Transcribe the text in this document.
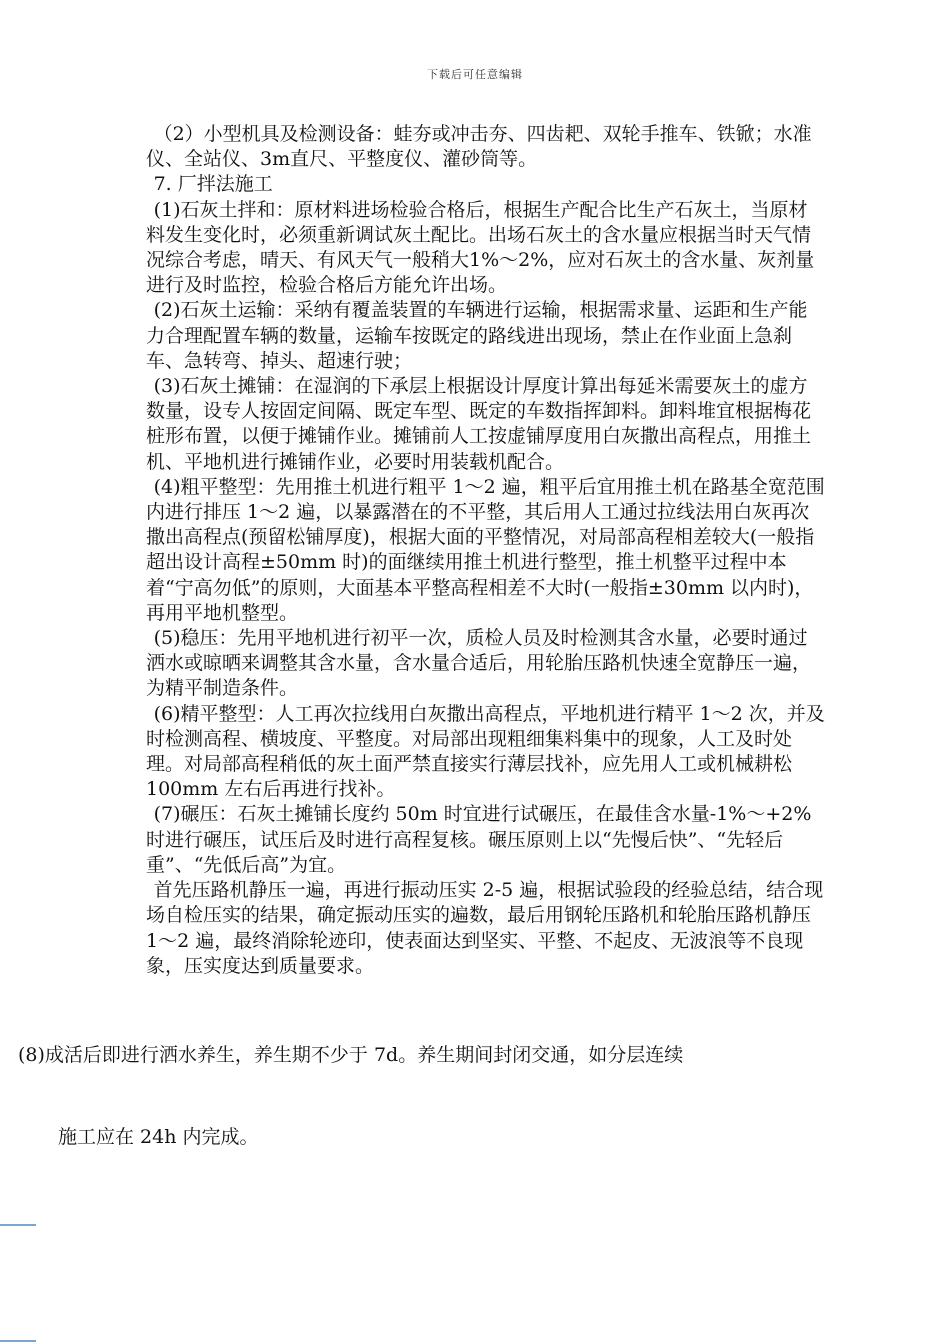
下载后可任意编辑

（2）小型机具及检测设备：蛙夯或冲击夯、四齿耙、双轮手推车、铁锨；水准仪、全站仪、3m直尺、平整度仪、灌砂筒等。

7. 厂拌法施工

(1)石灰土拌和：原材料进场检验合格后，根据生产配合比生产石灰土，当原材料发生变化时，必须重新调试灰土配比。出场石灰土的含水量应根据当时天气情况综合考虑，晴天、有风天气一般稍大1%～2%，应对石灰土的含水量、灰剂量进行及时监控，检验合格后方能允许出场。

(2)石灰土运输：采纳有覆盖装置的车辆进行运输，根据需求量、运距和生产能力合理配置车辆的数量，运输车按既定的路线进出现场，禁止在作业面上急刹车、急转弯、掉头、超速行驶；

(3)石灰土摊铺：在湿润的下承层上根据设计厚度计算出每延米需要灰土的虚方数量，设专人按固定间隔、既定车型、既定的车数指挥卸料。卸料堆宜根据梅花桩形布置，以便于摊铺作业。摊铺前人工按虚铺厚度用白灰撒出高程点，用推土机、平地机进行摊铺作业，必要时用装载机配合。

(4)粗平整型：先用推土机进行粗平 1～2 遍，粗平后宜用推土机在路基全宽范围内进行排压 1～2 遍，以暴露潜在的不平整，其后用人工通过拉线法用白灰再次撒出高程点(预留松铺厚度)，根据大面的平整情况，对局部高程相差较大(一般指超出设计高程±50mm 时)的面继续用推土机进行整型，推土机整平过程中本着“宁高勿低”的原则，大面基本平整高程相差不大时(一般指±30mm 以内时)，再用平地机整型。

(5)稳压：先用平地机进行初平一次，质检人员及时检测其含水量，必要时通过洒水或晾晒来调整其含水量，含水量合适后，用轮胎压路机快速全宽静压一遍，为精平制造条件。

(6)精平整型：人工再次拉线用白灰撒出高程点，平地机进行精平 1～2 次，并及时检测高程、横坡度、平整度。对局部出现粗细集料集中的现象，人工及时处理。对局部高程稍低的灰土面严禁直接实行薄层找补，应先用人工或机械耕松 100mm 左右后再进行找补。

(7)碾压：石灰土摊铺长度约 50m 时宜进行试碾压，在最佳含水量-1%～+2%时进行碾压，试压后及时进行高程复核。碾压原则上以“先慢后快”、“先轻后重”、“先低后高”为宜。

首先压路机静压一遍，再进行振动压实 2-5 遍，根据试验段的经验总结，结合现场自检压实的结果，确定振动压实的遍数，最后用钢轮压路机和轮胎压路机静压 1～2 遍，最终消除轮迹印，使表面达到坚实、平整、不起皮、无波浪等不良现象，压实度达到质量要求。

(8)成活后即进行洒水养生，养生期不少于 7d。养生期间封闭交通，如分层连续
施工应在 24h 内完成。
